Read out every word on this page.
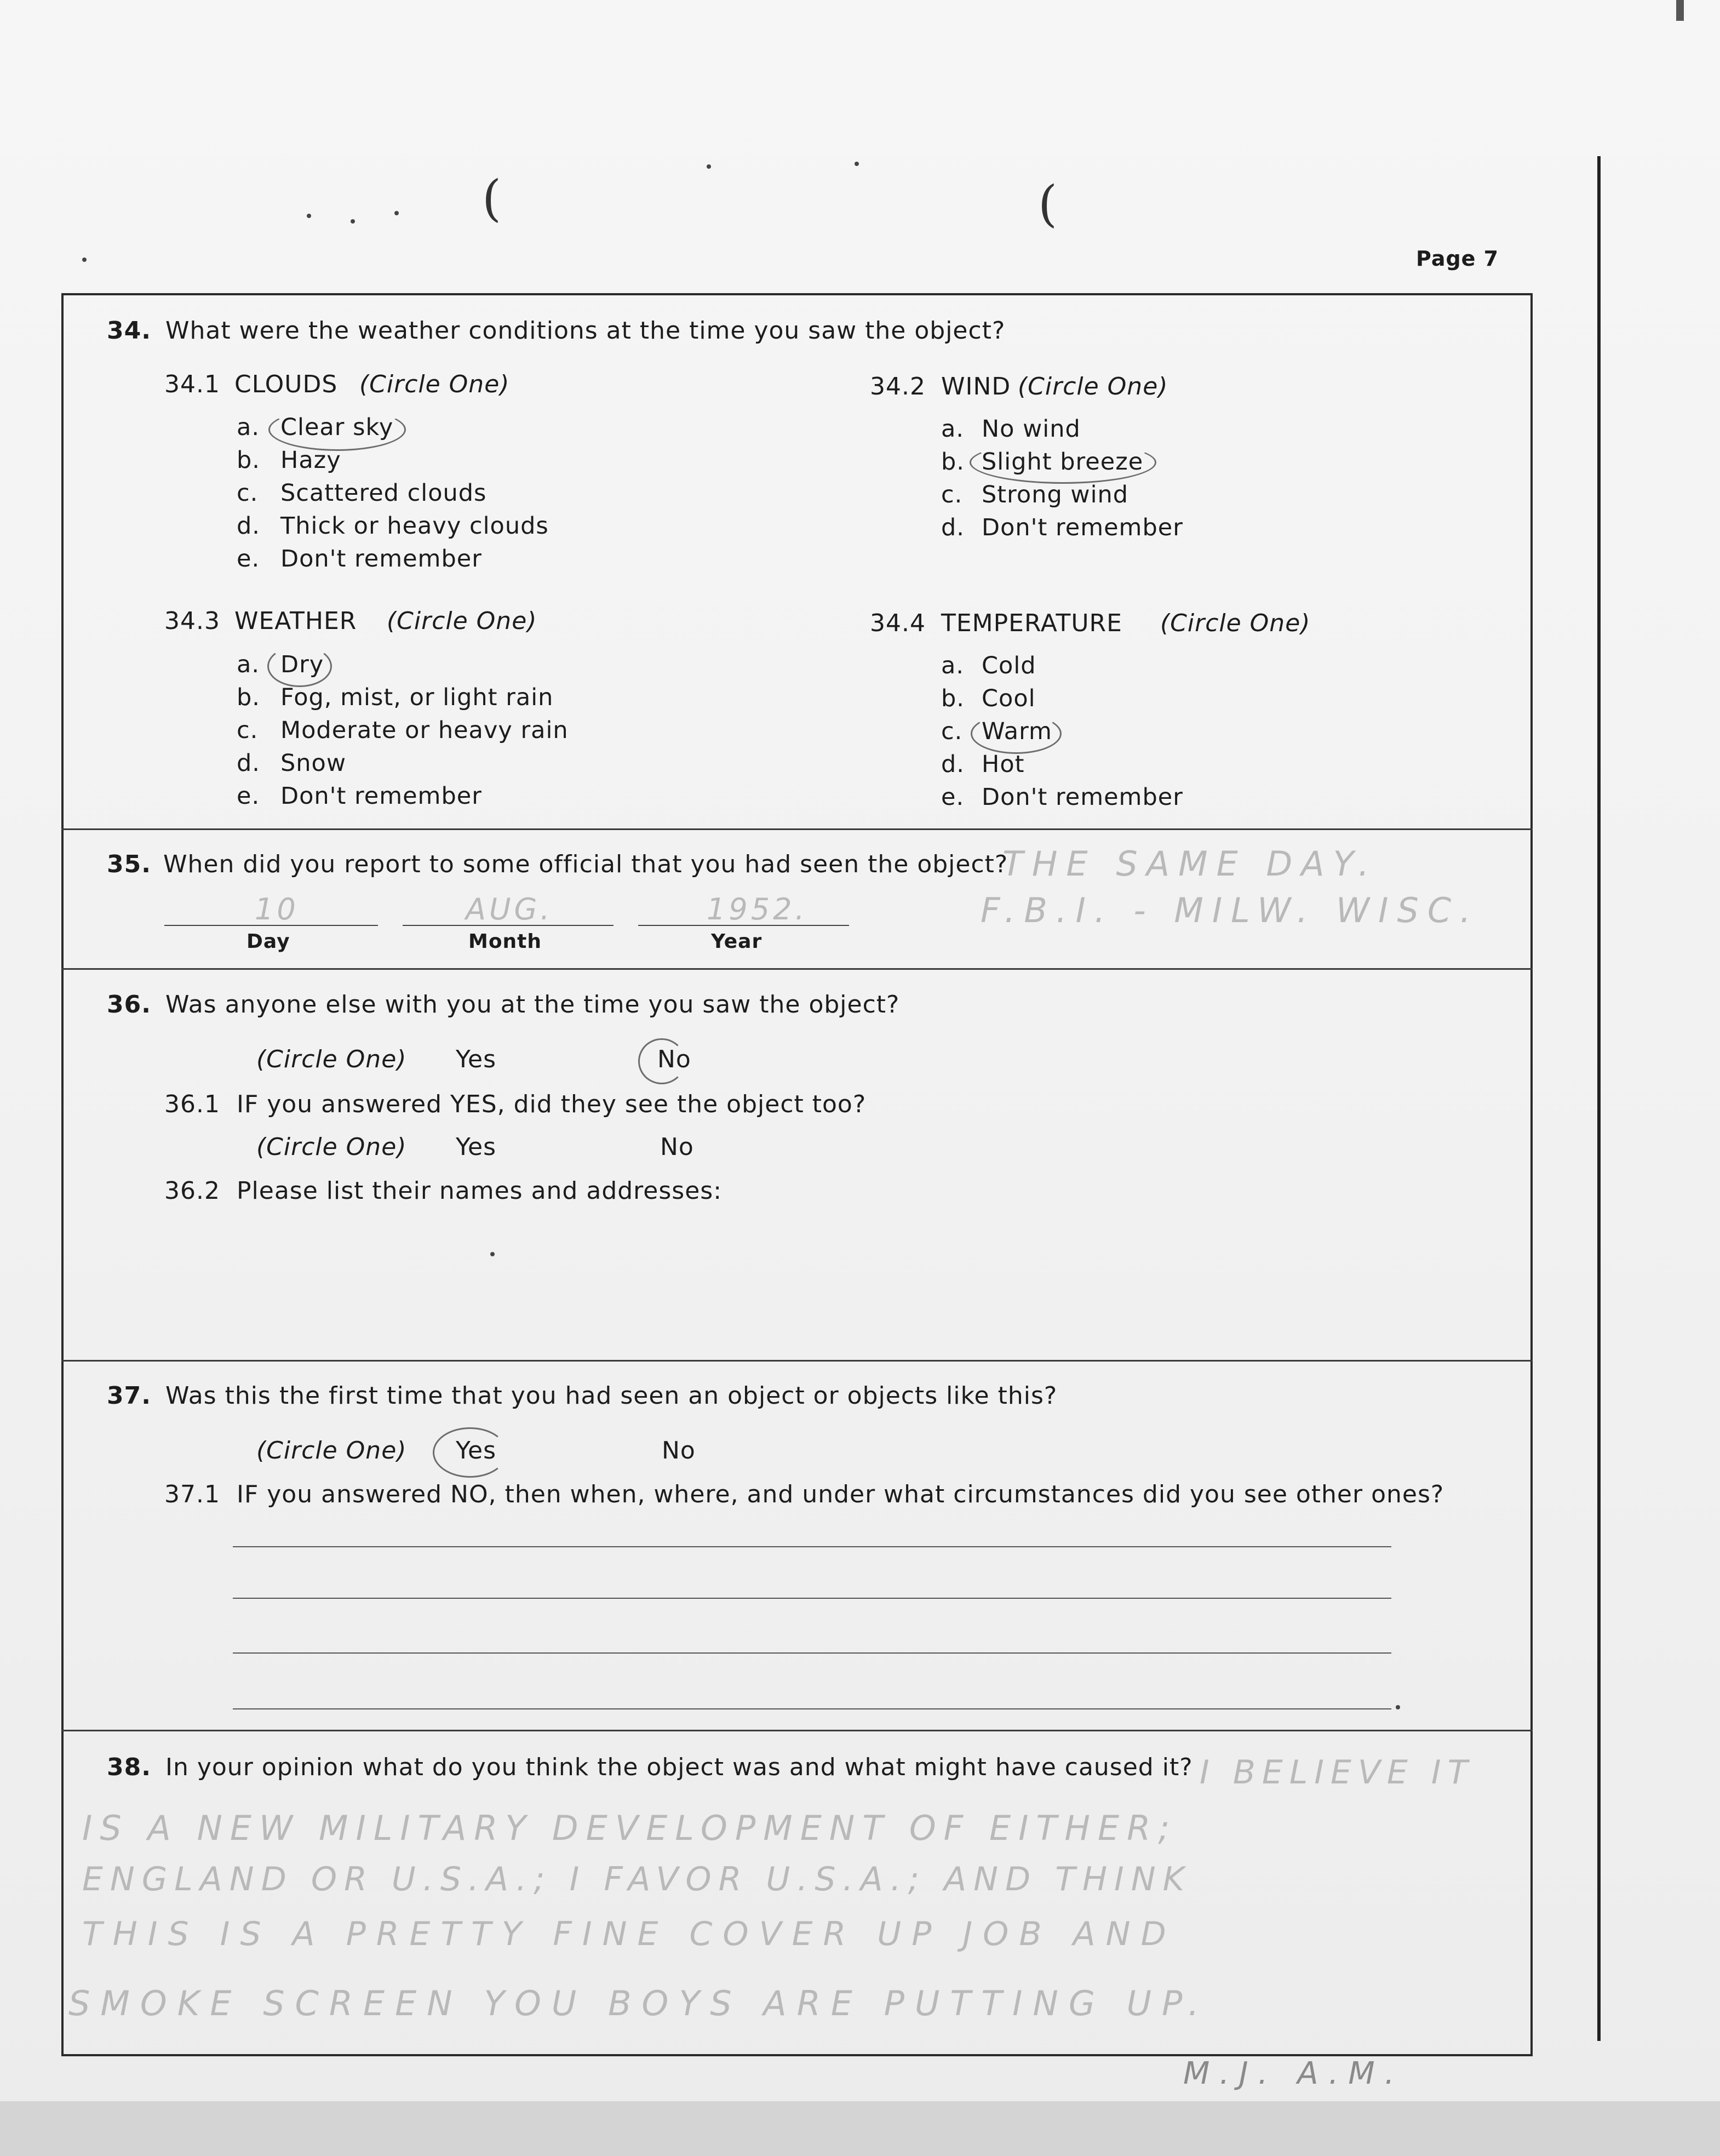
(	(
Page 7
34. What were the weather conditions at the time you saw the object?
34.1 CLOUDS (Circle One)
a. Clear sky
b. Hazy
c. Scattered clouds
d. Thick or heavy clouds
e. Don't remember
34.2 WIND (Circle One)
a. No wind
b. Slight breeze
c. Strong wind
d. Don't remember
34.3 WEATHER (Circle One)
a. Dry
b. Fog, mist, or light rain
c. Moderate or heavy rain
d. Snow
e. Don't remember
34.4 TEMPERATURE (Circle One)
a. Cold
b. Cool
c. Warm
d. Hot
e. Don't remember
35. When did you report to some official that you had seen the object?
THE SAME DAY.
F.B.I. - MILW. WISC.
10	AUG.	1952.
Day	Month	Year
36. Was anyone else with you at the time you saw the object?
(Circle One) Yes	No
36.1 IF you answered YES, did they see the object too?
(Circle One) Yes	No
36.2 Please list their names and addresses:
37. Was this the first time that you had seen an object or objects like this?
(Circle One) Yes	No
37.1 IF you answered NO, then when, where, and under what circumstances did you see other ones?
38. In your opinion what do you think the object was and what might have caused it? I BELIEVE IT
IS A NEW MILITARY DEVELOPMENT OF EITHER;
ENGLAND OR U.S.A.; I FAVOR U.S.A.; AND THINK
THIS IS A PRETTY FINE COVER UP JOB AND
SMOKE SCREEN YOU BOYS ARE PUTTING UP.
M.J. A.M.
